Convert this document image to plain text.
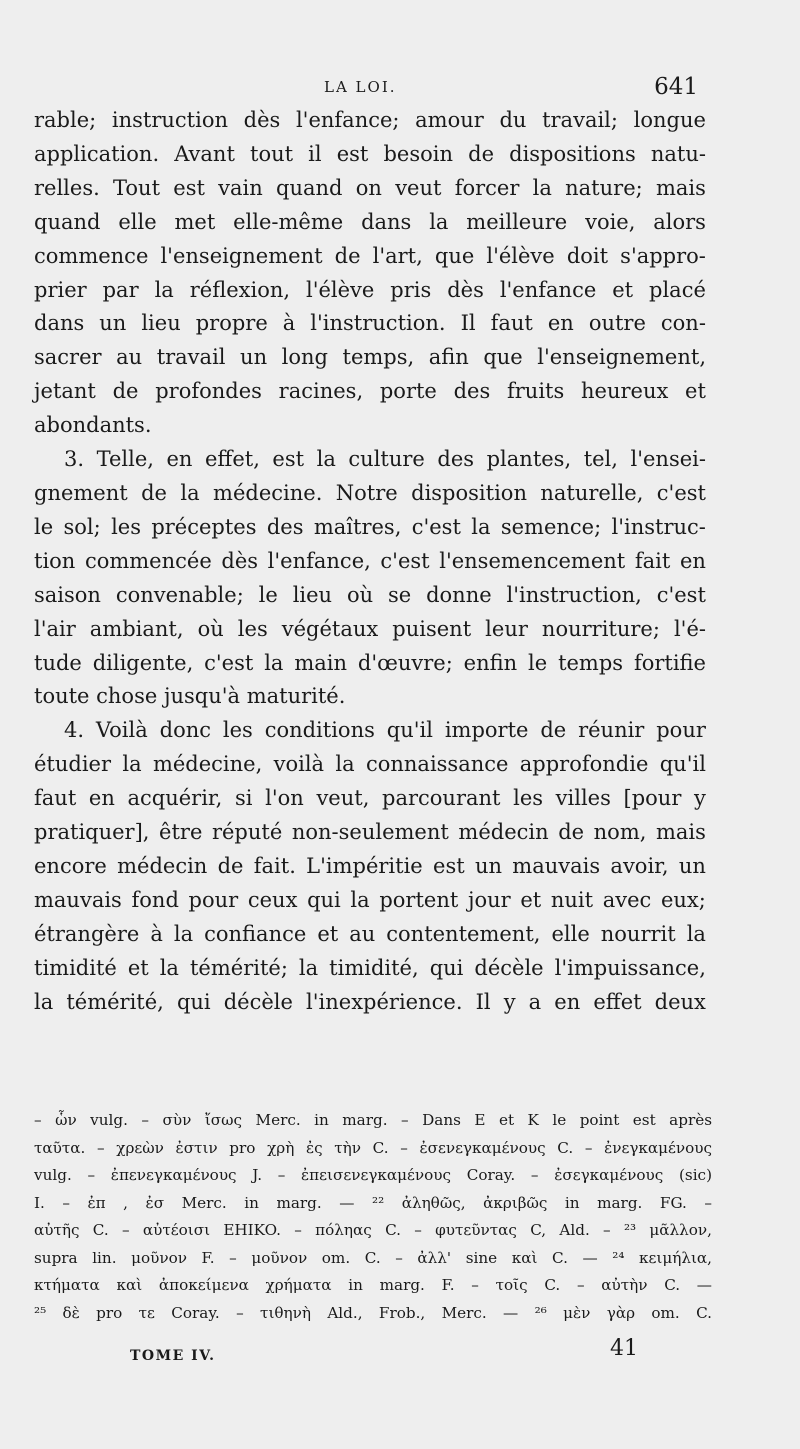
LA LOI.	641
rable; instruction dès l'enfance; amour du travail; longue
application. Avant tout il est besoin de dispositions natu-
relles. Tout est vain quand on veut forcer la nature; mais
quand elle met elle-même dans la meilleure voie, alors
commence l'enseignement de l'art, que l'élève doit s'appro-
prier par la réflexion, l'élève pris dès l'enfance et placé
dans un lieu propre à l'instruction. Il faut en outre con-
sacrer au travail un long temps, afin que l'enseignement,
jetant de profondes racines, porte des fruits heureux et
abondants.
3. Telle, en effet, est la culture des plantes, tel, l'ensei-
gnement de la médecine. Notre disposition naturelle, c'est
le sol; les préceptes des maîtres, c'est la semence; l'instruc-
tion commencée dès l'enfance, c'est l'ensemencement fait en
saison convenable; le lieu où se donne l'instruction, c'est
l'air ambiant, où les végétaux puisent leur nourriture; l'é-
tude diligente, c'est la main d'œuvre; enfin le temps fortifie
toute chose jusqu'à maturité.
4. Voilà donc les conditions qu'il importe de réunir pour
étudier la médecine, voilà la connaissance approfondie qu'il
faut en acquérir, si l'on veut, parcourant les villes [pour y
pratiquer], être réputé non-seulement médecin de nom, mais
encore médecin de fait. L'impéritie est un mauvais avoir, un
mauvais fond pour ceux qui la portent jour et nuit avec eux;
étrangère à la confiance et au contentement, elle nourrit la
timidité et la témérité; la timidité, qui décèle l'impuissance,
la témérité, qui décèle l'inexpérience. Il y a en effet deux
– ὧν vulg. – σὺν ἴσως Merc. in marg. – Dans E et K le point est après
ταῦτα. – χρεὼν ἐστιν pro χρὴ ἐς τὴν C. – ἐσενεγκαμένους C. – ἐνεγκαμένους
vulg. – ἐπενεγκαμένους J. – ἐπεισενεγκαμένους Coray. – ἐσεγκαμένους (sic)
I. – ἐπ , ἐσ Merc. in marg. — ²² ἀληθῶς, ἀκριβῶς in marg. FG. –
αὐτῆς C. – αὐτέοισι EHIKO. – πόληας C. – φυτεῦντας C, Ald. – ²³ μᾶλλον,
supra lin. μοῦνον F. – μοῦνον om. C. – ἀλλ' sine καὶ C. — ²⁴ κειμήλια,
κτήματα καὶ ἀποκείμενα χρήματα in marg. F. – τοῖς C. – αὐτὴν C. —
²⁵ δὲ pro τε Coray. – τιθηνὴ Ald., Frob., Merc. — ²⁶ μὲν γὰρ om. C.
TOME IV.	41
